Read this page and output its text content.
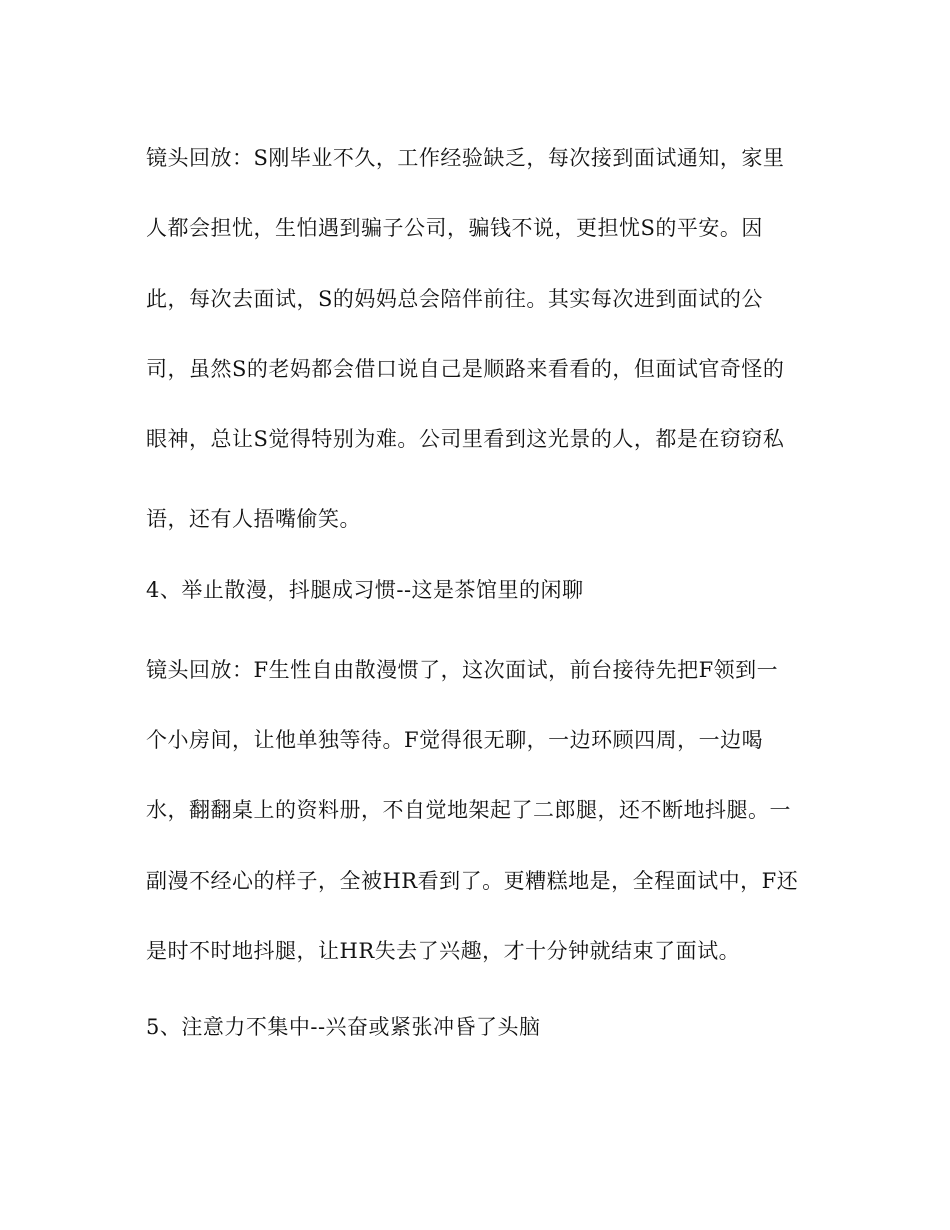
镜头回放：S刚毕业不久，工作经验缺乏，每次接到面试通知，家里
人都会担忧，生怕遇到骗子公司，骗钱不说，更担忧S的平安。因
此，每次去面试，S的妈妈总会陪伴前往。其实每次进到面试的公
司，虽然S的老妈都会借口说自己是顺路来看看的，但面试官奇怪的
眼神，总让S觉得特别为难。公司里看到这光景的人，都是在窃窃私
语，还有人捂嘴偷笑。
4、举止散漫，抖腿成习惯--这是茶馆里的闲聊
镜头回放：F生性自由散漫惯了，这次面试，前台接待先把F领到一
个小房间，让他单独等待。F觉得很无聊，一边环顾四周，一边喝
水，翻翻桌上的资料册，不自觉地架起了二郎腿，还不断地抖腿。一
副漫不经心的样子，全被HR看到了。更糟糕地是，全程面试中，F还
是时不时地抖腿，让HR失去了兴趣，才十分钟就结束了面试。
5、注意力不集中--兴奋或紧张冲昏了头脑
